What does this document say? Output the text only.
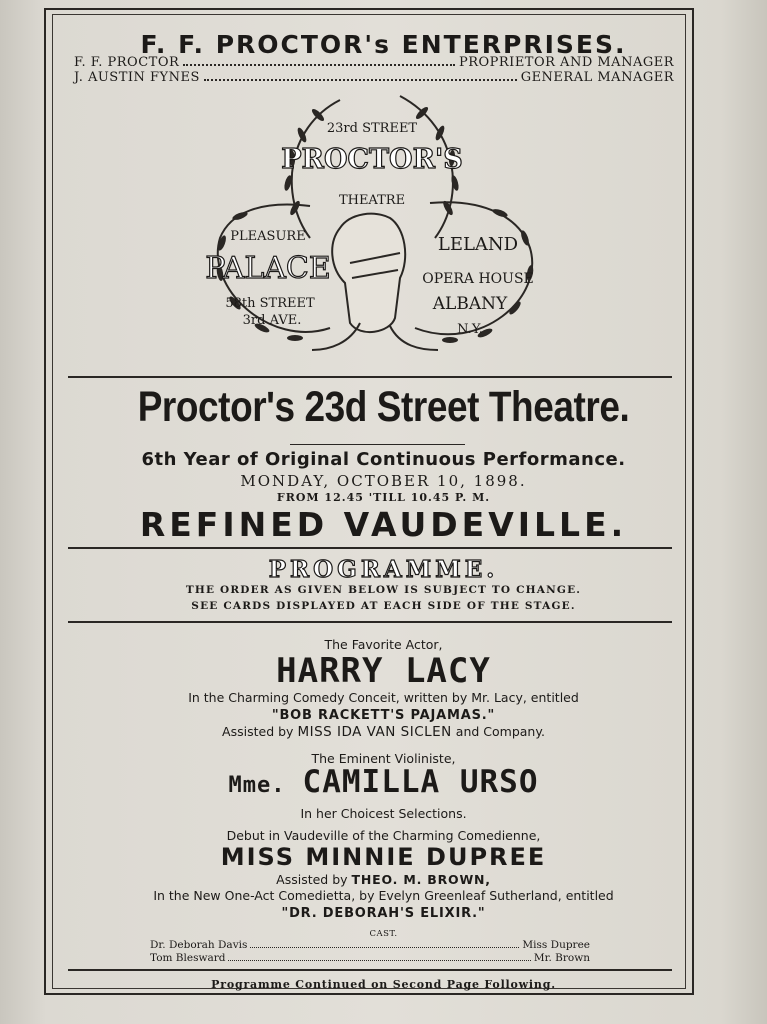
F. F. PROCTOR's ENTERPRISES.
F. F. PROCTOR	PROPRIETOR AND MANAGER
J. AUSTIN FYNES	GENERAL MANAGER
23rd STREET
PROCTOR'S
THEATRE
PLEASURE
PALACE
58th STREET
3rd AVE.
LELAND
OPERA HOUSE
ALBANY
N.Y.
Proctor's 23d Street Theatre.
6th Year of Original Continuous Performance.
MONDAY, OCTOBER 10, 1898.
FROM 12.45 'TILL 10.45 P. M.
REFINED VAUDEVILLE.
PROGRAMME.
THE ORDER AS GIVEN BELOW IS SUBJECT TO CHANGE.
SEE CARDS DISPLAYED AT EACH SIDE OF THE STAGE.
The Favorite Actor,
HARRY LACY
In the Charming Comedy Conceit, written by Mr. Lacy, entitled
"BOB RACKETT'S PAJAMAS."
Assisted by MISS IDA VAN SICLEN and Company.
The Eminent Violiniste,
Mme. CAMILLA URSO
In her Choicest Selections.
Debut in Vaudeville of the Charming Comedienne,
MISS MINNIE DUPREE
Assisted by THEO. M. BROWN,
In the New One-Act Comedietta, by Evelyn Greenleaf Sutherland, entitled
"DR. DEBORAH'S ELIXIR."
CAST.
Dr. Deborah Davis	Miss Dupree
Tom Blesward	Mr. Brown
Programme Continued on Second Page Following.
